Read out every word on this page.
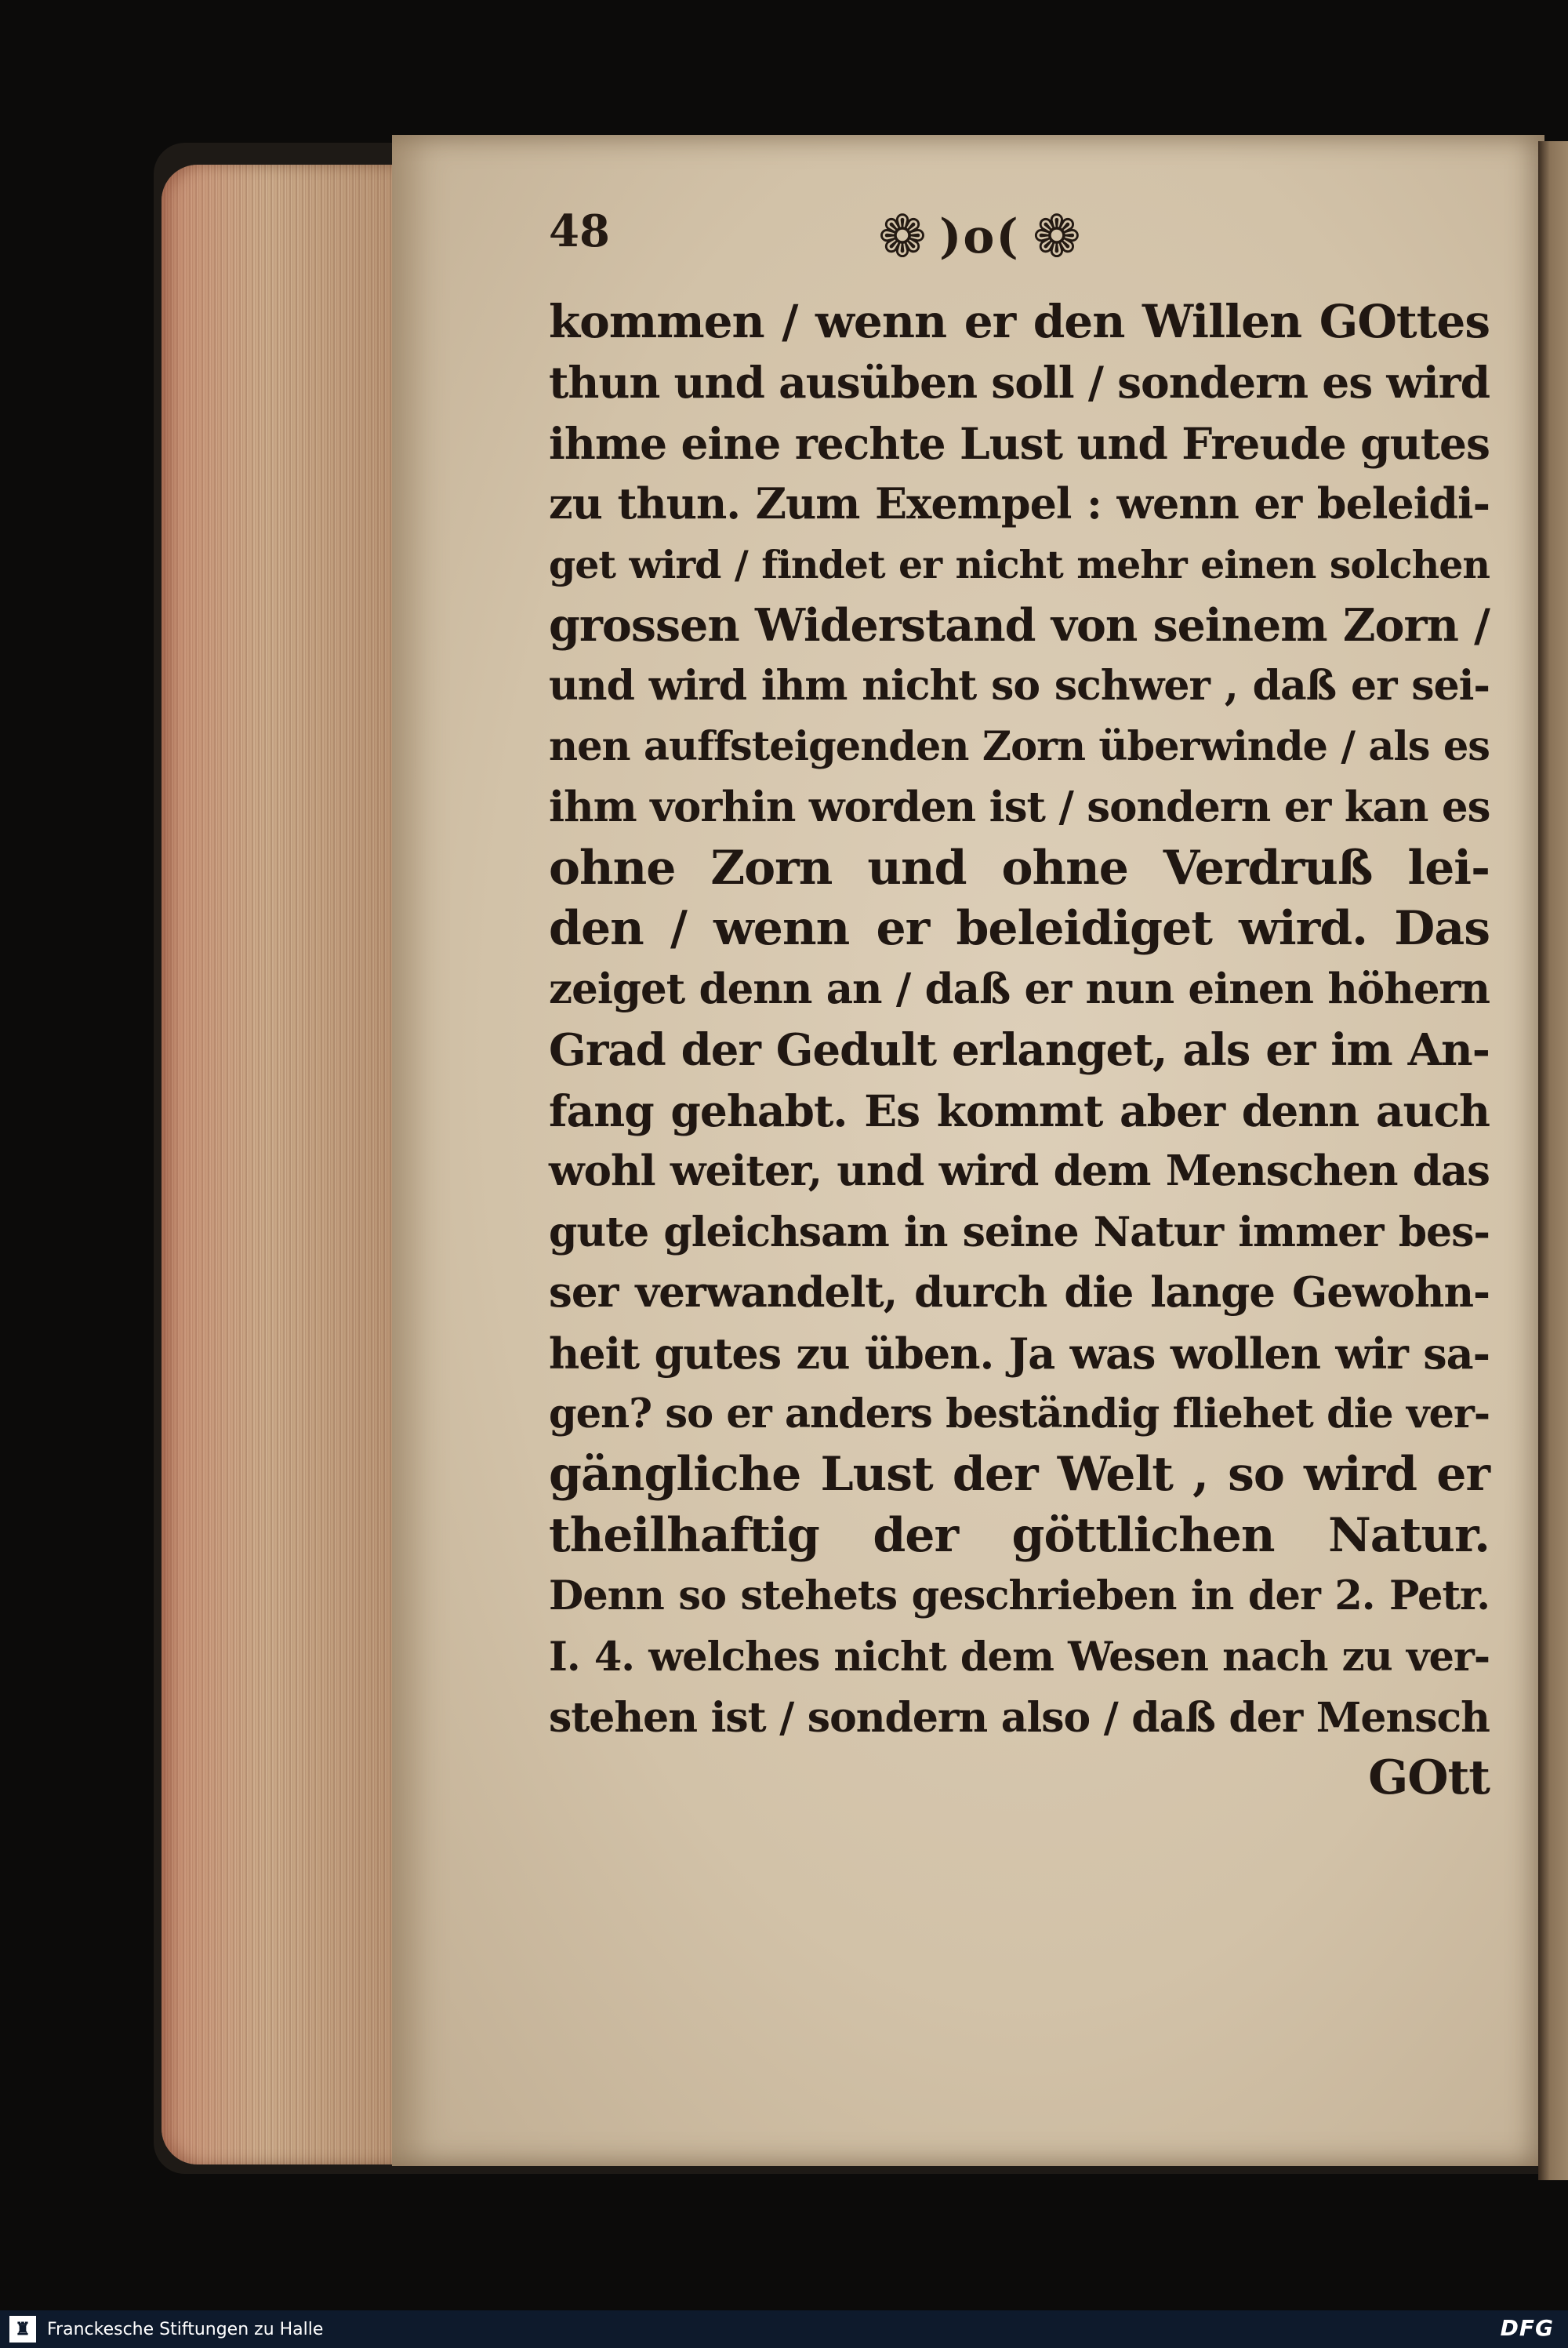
48	❁ )o( ❁
kommen / wenn er den Willen GOttes
thun und ausüben soll / sondern es wird
ihme eine rechte Lust und Freude gutes
zu thun. Zum Exempel : wenn er beleidi-
get wird / findet er nicht mehr einen solchen
grossen Widerstand von seinem Zorn /
und wird ihm nicht so schwer , daß er sei-
nen auffsteigenden Zorn überwinde / als es
ihm vorhin worden ist / sondern er kan es
ohne Zorn und ohne Verdruß lei-
den / wenn er beleidiget wird. Das
zeiget denn an / daß er nun einen höhern
Grad der Gedult erlanget, als er im An-
fang gehabt. Es kommt aber denn auch
wohl weiter, und wird dem Menschen das
gute gleichsam in seine Natur immer bes-
ser verwandelt, durch die lange Gewohn-
heit gutes zu üben. Ja was wollen wir sa-
gen? so er anders beständig fliehet die ver-
gängliche Lust der Welt , so wird er
theilhaftig der göttlichen Natur.
Denn so stehets geschrieben in der 2. Petr.
I. 4. welches nicht dem Wesen nach zu ver-
stehen ist / sondern also / daß der Mensch
GOtt
♜ Franckesche Stiftungen zu Halle	DFG
